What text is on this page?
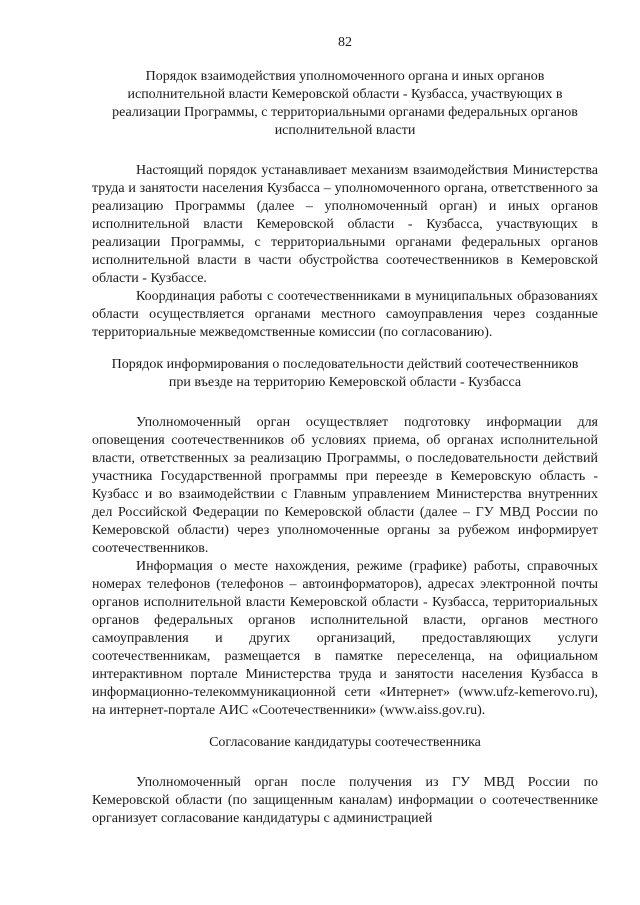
82
Порядок взаимодействия уполномоченного органа и иных органов исполнительной власти Кемеровской области - Кузбасса, участвующих в реализации Программы, с территориальными органами федеральных органов исполнительной власти

Настоящий порядок устанавливает механизм взаимодействия Министерства труда и занятости населения Кузбасса – уполномоченного органа, ответственного за реализацию Программы (далее – уполномоченный орган) и иных органов исполнительной власти Кемеровской области - Кузбасса, участвующих в реализации Программы, с территориальными органами федеральных органов исполнительной власти в части обустройства соотечественников в Кемеровской области - Кузбассе.

Координация работы с соотечественниками в муниципальных образованиях области осуществляется органами местного самоуправления через созданные территориальные межведомственные комиссии (по согласованию).

Порядок информирования о последовательности действий соотечественников при въезде на территорию Кемеровской области - Кузбасса

Уполномоченный орган осуществляет подготовку информации для оповещения соотечественников об условиях приема, об органах исполнительной власти, ответственных за реализацию Программы, о последовательности действий участника Государственной программы при переезде в Кемеровскую область - Кузбасс и во взаимодействии с Главным управлением Министерства внутренних дел Российской Федерации по Кемеровской области (далее – ГУ МВД России по Кемеровской области) через уполномоченные органы за рубежом информирует соотечественников.

Информация о месте нахождения, режиме (графике) работы, справочных номерах телефонов (телефонов – автоинформаторов), адресах электронной почты органов исполнительной власти Кемеровской области - Кузбасса, территориальных органов федеральных органов исполнительной власти, органов местного самоуправления и других организаций, предоставляющих услуги соотечественникам, размещается в памятке переселенца, на официальном интерактивном портале Министерства труда и занятости населения Кузбасса в информационно-телекоммуникационной сети «Интернет» (www.ufz-kemerovo.ru), на интернет-портале АИС «Соотечественники» (www.aiss.gov.ru).

Согласование кандидатуры соотечественника

Уполномоченный орган после получения из ГУ МВД России по Кемеровской области (по защищенным каналам) информации о соотечественнике организует согласование кандидатуры с администрацией
